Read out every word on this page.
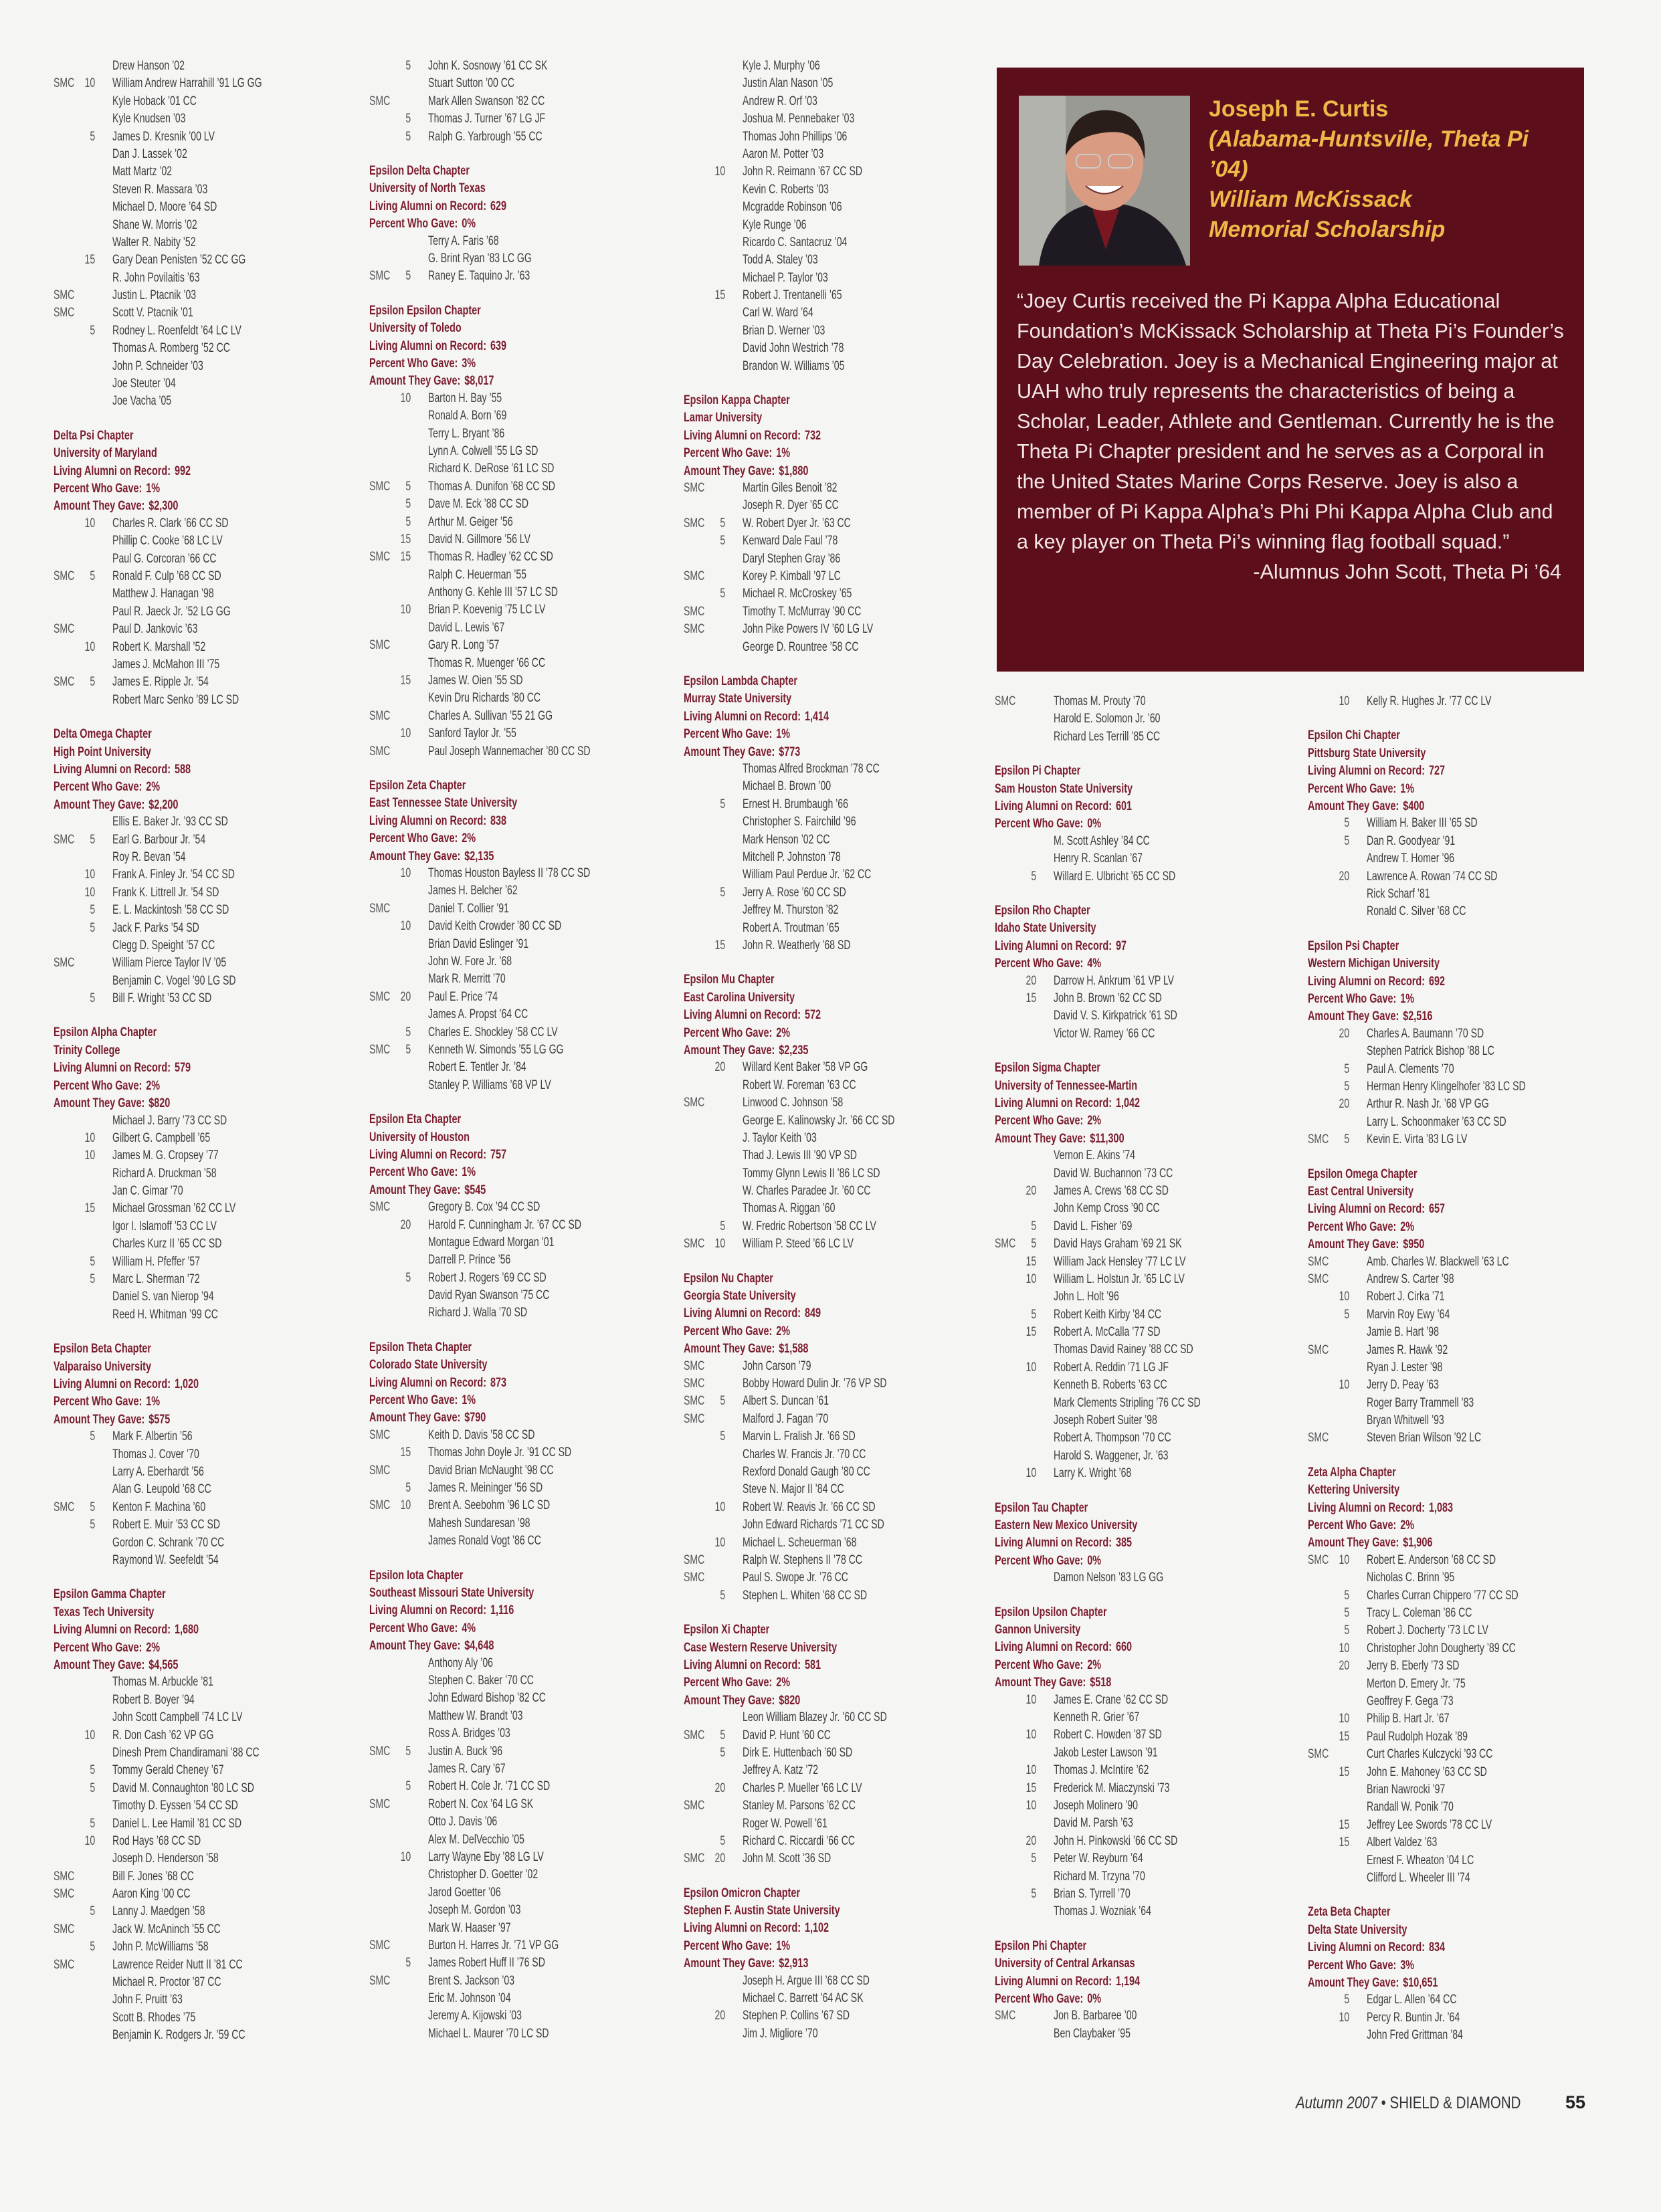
Drew Hanson ’02
SMC 10 William Andrew Harrahill ’91 LG GG
Kyle Hoback ’01 CC
Kyle Knudsen ’03
5 James D. Kresnik ’00 LV
Dan J. Lassek ’02
Matt Martz ’02
Steven R. Massara ’03
Michael D. Moore ’64 SD
Shane W. Morris ’02
Walter R. Nabity ’52
15 Gary Dean Penisten ’52 CC GG
R. John Povilaitis ’63
SMC	Justin L. Ptacnik ’03
SMC	Scott V. Ptacnik ’01
5 Rodney L. Roenfeldt ’64 LC LV
Thomas A. Romberg ’52 CC
John P. Schneider ’03
Joe Steuter ’04
Joe Vacha ’05
Delta Psi Chapter
University of Maryland
Living Alumni on Record: 992
Percent Who Gave: 1%
Amount They Gave: $2,300
10 Charles R. Clark ’66 CC SD
Phillip C. Cooke ’68 LC LV
Paul G. Corcoran ’66 CC
SMC	5 Ronald F. Culp ’68 CC SD
Matthew J. Hanagan ’98
Paul R. Jaeck Jr. ’52 LG GG
SMC	Paul D. Jankovic ’63
10 Robert K. Marshall ’52
James J. McMahon III ’75
SMC	5 James E. Ripple Jr. ’54
Robert Marc Senko ’89 LC SD
Delta Omega Chapter
High Point University
Living Alumni on Record: 588
Percent Who Gave: 2%
Amount They Gave: $2,200
Ellis E. Baker Jr. ’93 CC SD
SMC	5 Earl G. Barbour Jr. ’54
Roy R. Bevan ’54
10 Frank A. Finley Jr. ’54 CC SD
10 Frank K. Littrell Jr. ’54 SD
5 E. L. Mackintosh ’58 CC SD
5 Jack F. Parks ’54 SD
Clegg D. Speight ’57 CC
SMC	William Pierce Taylor IV ’05
Benjamin C. Vogel ’90 LG SD
5 Bill F. Wright ’53 CC SD
Epsilon Alpha Chapter
Trinity College
Living Alumni on Record: 579
Percent Who Gave: 2%
Amount They Gave: $820
Michael J. Barry ’73 CC SD
10 Gilbert G. Campbell ’65
10 James M. G. Cropsey ’77
Richard A. Druckman ’58
Jan C. Gimar ’70
15 Michael Grossman ’62 CC LV
Igor I. Islamoff ’53 CC LV
Charles Kurz II ’65 CC SD
5 William H. Pfeffer ’57
5 Marc L. Sherman ’72
Daniel S. van Nierop ’94
Reed H. Whitman ’99 CC
Epsilon Beta Chapter
Valparaiso University
Living Alumni on Record: 1,020
Percent Who Gave: 1%
Amount They Gave: $575
5 Mark F. Albertin ’56
Thomas J. Cover ’70
Larry A. Eberhardt ’56
Alan G. Leupold ’68 CC
SMC	5 Kenton F. Machina ’60
5 Robert E. Muir ’53 CC SD
Gordon C. Schrank ’70 CC
Raymond W. Seefeldt ’54
Epsilon Gamma Chapter
Texas Tech University
Living Alumni on Record: 1,680
Percent Who Gave: 2%
Amount They Gave: $4,565
Thomas M. Arbuckle ’81
Robert B. Boyer ’94
John Scott Campbell ’74 LC LV
10 R. Don Cash ’62 VP GG
Dinesh Prem Chandiramani ’88 CC
5 Tommy Gerald Cheney ’67
5 David M. Connaughton ’80 LC SD
Timothy D. Eyssen ’54 CC SD
5 Daniel L. Lee Hamil ’81 CC SD
10 Rod Hays ’68 CC SD
Joseph D. Henderson ’58
SMC	Bill F. Jones ’68 CC
SMC	Aaron King ’00 CC
5 Lanny J. Maedgen ’58
SMC	Jack W. McAninch ’55 CC
5 John P. McWilliams ’58
SMC	Lawrence Reider Nutt II ’81 CC
Michael R. Proctor ’87 CC
John F. Pruitt ’63
Scott B. Rhodes ’75
Benjamin K. Rodgers Jr. ’59 CC
5 John K. Sosnowy ’61 CC SK
Stuart Sutton ’00 CC
SMC	Mark Allen Swanson ’82 CC
5 Thomas J. Turner ’67 LG JF
5 Ralph G. Yarbrough ’55 CC
Epsilon Delta Chapter
University of North Texas
Living Alumni on Record: 629
Percent Who Gave: 0%
Terry A. Faris ’68
G. Brint Ryan ’83 LC GG
SMC	5 Raney E. Taquino Jr. ’63
Epsilon Epsilon Chapter
University of Toledo
Living Alumni on Record: 639
Percent Who Gave: 3%
Amount They Gave: $8,017
10 Barton H. Bay ’55
Ronald A. Born ’69
Terry L. Bryant ’86
Lynn A. Colwell ’55 LG SD
Richard K. DeRose ’61 LC SD
SMC	5 Thomas A. Dunifon ’68 CC SD
5 Dave M. Eck ’88 CC SD
5 Arthur M. Geiger ’56
15 David N. Gillmore ’56 LV
SMC 15 Thomas R. Hadley ’62 CC SD
Ralph C. Heuerman ’55
Anthony G. Kehle III ’57 LC SD
10 Brian P. Koevenig ’75 LC LV
David L. Lewis ’67
SMC	Gary R. Long ’57
Thomas R. Muenger ’66 CC
15 James W. Oien ’55 SD
Kevin Dru Richards ’80 CC
SMC	Charles A. Sullivan ’55 21 GG
10 Sanford Taylor Jr. ’55
SMC	Paul Joseph Wannemacher ’80 CC SD
Epsilon Zeta Chapter
East Tennessee State University
Living Alumni on Record: 838
Percent Who Gave: 2%
Amount They Gave: $2,135
10 Thomas Houston Bayless II ’78 CC SD
James H. Belcher ’62
SMC	Daniel T. Collier ’91
10 David Keith Crowder ’80 CC SD
Brian David Eslinger ’91
John W. Fore Jr. ’68
Mark R. Merritt ’70
SMC 20 Paul E. Price ’74
James A. Propst ’64 CC
5 Charles E. Shockley ’58 CC LV
SMC	5 Kenneth W. Simonds ’55 LG GG
Robert E. Tentler Jr. ’84
Stanley P. Williams ’68 VP LV
Epsilon Eta Chapter
University of Houston
Living Alumni on Record: 757
Percent Who Gave: 1%
Amount They Gave: $545
SMC	Gregory B. Cox ’94 CC SD
20 Harold F. Cunningham Jr. ’67 CC SD
Montague Edward Morgan ’01
Darrell P. Prince ’56
5 Robert J. Rogers ’69 CC SD
David Ryan Swanson ’75 CC
Richard J. Walla ’70 SD
Epsilon Theta Chapter
Colorado State University
Living Alumni on Record: 873
Percent Who Gave: 1%
Amount They Gave: $790
SMC	Keith D. Davis ’58 CC SD
15 Thomas John Doyle Jr. ’91 CC SD
SMC	David Brian McNaught ’98 CC
5 James R. Meininger ’56 SD
SMC 10 Brent A. Seebohm ’96 LC SD
Mahesh Sundaresan ’98
James Ronald Vogt ’86 CC
Epsilon Iota Chapter
Southeast Missouri State University
Living Alumni on Record: 1,116
Percent Who Gave: 4%
Amount They Gave: $4,648
Anthony Aly ’06
Stephen C. Baker ’70 CC
John Edward Bishop ’82 CC
Matthew W. Brandt ’03
Ross A. Bridges ’03
SMC	5 Justin A. Buck ’96
James R. Cary ’67
5 Robert H. Cole Jr. ’71 CC SD
SMC	Robert N. Cox ’64 LG SK
Otto J. Davis ’06
Alex M. DelVecchio ’05
10 Larry Wayne Eby ’88 LG LV
Christopher D. Goetter ’02
Jarod Goetter ’06
Joseph M. Gordon ’03
Mark W. Haaser ’97
SMC	Burton H. Harres Jr. ’71 VP GG
5 James Robert Huff II ’76 SD
SMC	Brent S. Jackson ’03
Eric M. Johnson ’04
Jeremy A. Kijowski ’03
Michael L. Maurer ’70 LC SD
Kyle J. Murphy ’06
Justin Alan Nason ’05
Andrew R. Orf ’03
Joshua M. Pennebaker ’03
Thomas John Phillips ’06
Aaron M. Potter ’03
10 John R. Reimann ’67 CC SD
Kevin C. Roberts ’03
Mcgradde Robinson ’06
Kyle Runge ’06
Ricardo C. Santacruz ’04
Todd A. Staley ’03
Michael P. Taylor ’03
15 Robert J. Trentanelli ’65
Carl W. Ward ’64
Brian D. Werner ’03
David John Westrich ’78
Brandon W. Williams ’05
Epsilon Kappa Chapter
Lamar University
Living Alumni on Record: 732
Percent Who Gave: 1%
Amount They Gave: $1,880
SMC	Martin Giles Benoit ’82
Joseph R. Dyer ’65 CC
SMC	5 W. Robert Dyer Jr. ’63 CC
5 Kenward Dale Faul ’78
Daryl Stephen Gray ’86
SMC	Korey P. Kimball ’97 LC
5 Michael R. McCroskey ’65
SMC	Timothy T. McMurray ’90 CC
SMC	John Pike Powers IV ’60 LG LV
George D. Rountree ’58 CC
Epsilon Lambda Chapter
Murray State University
Living Alumni on Record: 1,414
Percent Who Gave: 1%
Amount They Gave: $773
Thomas Alfred Brockman ’78 CC
Michael B. Brown ’00
5 Ernest H. Brumbaugh ’66
Christopher S. Fairchild ’96
Mark Henson ’02 CC
Mitchell P. Johnston ’78
William Paul Perdue Jr. ’62 CC
5 Jerry A. Rose ’60 CC SD
Jeffrey M. Thurston ’82
Robert A. Troutman ’65
15 John R. Weatherly ’68 SD
Epsilon Mu Chapter
East Carolina University
Living Alumni on Record: 572
Percent Who Gave: 2%
Amount They Gave: $2,235
20 Willard Kent Baker ’58 VP GG
Robert W. Foreman ’63 CC
SMC	Linwood C. Johnson ’58
George E. Kalinowsky Jr. ’66 CC SD
J. Taylor Keith ’03
Thad J. Lewis III ’90 VP SD
Tommy Glynn Lewis II ’86 LC SD
W. Charles Paradee Jr. ’60 CC
Thomas A. Riggan ’60
5 W. Fredric Robertson ’58 CC LV
SMC 10 William P. Steed ’66 LC LV
Epsilon Nu Chapter
Georgia State University
Living Alumni on Record: 849
Percent Who Gave: 2%
Amount They Gave: $1,588
SMC	John Carson ’79
SMC	Bobby Howard Dulin Jr. ’76 VP SD
SMC	5 Albert S. Duncan ’61
SMC	Malford J. Fagan ’70
5 Marvin L. Fralish Jr. ’66 SD
Charles W. Francis Jr. ’70 CC
Rexford Donald Gaugh ’80 CC
Steve N. Major II ’84 CC
10 Robert W. Reavis Jr. ’66 CC SD
John Edward Richards ’71 CC SD
10 Michael L. Scheuerman ’68
SMC	Ralph W. Stephens II ’78 CC
SMC	Paul S. Swope Jr. ’76 CC
5 Stephen L. Whiten ’68 CC SD
Epsilon Xi Chapter
Case Western Reserve University
Living Alumni on Record: 581
Percent Who Gave: 2%
Amount They Gave: $820
Leon William Blazey Jr. ’60 CC SD
SMC	5 David P. Hunt ’60 CC
5 Dirk E. Huttenbach ’60 SD
Jeffrey A. Katz ’72
20 Charles P. Mueller ’66 LC LV
SMC	Stanley M. Parsons ’62 CC
Roger W. Powell ’61
5 Richard C. Riccardi ’66 CC
SMC 20 John M. Scott ’36 SD
Epsilon Omicron Chapter
Stephen F. Austin State University
Living Alumni on Record: 1,102
Percent Who Gave: 1%
Amount They Gave: $2,913
Joseph H. Argue III ’68 CC SD
Michael C. Barrett ’64 AC SK
20 Stephen P. Collins ’67 SD
Jim J. Migliore ’70
SMC	Thomas M. Prouty ’70
Harold E. Solomon Jr. ’60
Richard Les Terrill ’85 CC
Epsilon Pi Chapter
Sam Houston State University
Living Alumni on Record: 601
Percent Who Gave: 0%
M. Scott Ashley ’84 CC
Henry R. Scanlan ’67
5 Willard E. Ulbricht ’65 CC SD
Epsilon Rho Chapter
Idaho State University
Living Alumni on Record: 97
Percent Who Gave: 4%
20 Darrow H. Ankrum ’61 VP LV
15 John B. Brown ’62 CC SD
David V. S. Kirkpatrick ’61 SD
Victor W. Ramey ’66 CC
Epsilon Sigma Chapter
University of Tennessee-Martin
Living Alumni on Record: 1,042
Percent Who Gave: 2%
Amount They Gave: $11,300
Vernon E. Akins ’74
David W. Buchannon ’73 CC
20 James A. Crews ’68 CC SD
John Kemp Cross ’90 CC
5 David L. Fisher ’69
SMC	5 David Hays Graham ’69 21 SK
15 William Jack Hensley ’77 LC LV
10 William L. Holstun Jr. ’65 LC LV
John L. Holt ’96
5 Robert Keith Kirby ’84 CC
15 Robert A. McCalla ’77 SD
Thomas David Rainey ’88 CC SD
10 Robert A. Reddin ’71 LG JF
Kenneth B. Roberts ’63 CC
Mark Clements Stripling ’76 CC SD
Joseph Robert Suiter ’98
Robert A. Thompson ’70 CC
Harold S. Waggener, Jr. ’63
10 Larry K. Wright ’68
Epsilon Tau Chapter
Eastern New Mexico University
Living Alumni on Record: 385
Percent Who Gave: 0%
Damon Nelson ’83 LG GG
Epsilon Upsilon Chapter
Gannon University
Living Alumni on Record: 660
Percent Who Gave: 2%
Amount They Gave: $518
10 James E. Crane ’62 CC SD
Kenneth R. Grier ’67
10 Robert C. Howden ’87 SD
Jakob Lester Lawson ’91
10 Thomas J. McIntire ’62
15 Frederick M. Miaczynski ’73
10 Joseph Molinero ’90
David M. Parsh ’63
20 John H. Pinkowski ’66 CC SD
5 Peter W. Reyburn ’64
Richard M. Trzyna ’70
5 Brian S. Tyrrell ’70
Thomas J. Wozniak ’64
Epsilon Phi Chapter
University of Central Arkansas
Living Alumni on Record: 1,194
Percent Who Gave: 0%
SMC	Jon B. Barbaree ’00
Ben Claybaker ’95
10 Kelly R. Hughes Jr. ’77 CC LV
Epsilon Chi Chapter
Pittsburg State University
Living Alumni on Record: 727
Percent Who Gave: 1%
Amount They Gave: $400
5 William H. Baker III ’65 SD
5 Dan R. Goodyear ’91
Andrew T. Homer ’96
20 Lawrence A. Rowan ’74 CC SD
Rick Scharf ’81
Ronald C. Silver ’68 CC
Epsilon Psi Chapter
Western Michigan University
Living Alumni on Record: 692
Percent Who Gave: 1%
Amount They Gave: $2,516
20 Charles A. Baumann ’70 SD
Stephen Patrick Bishop ’88 LC
5 Paul A. Clements ’70
5 Herman Henry Klingelhofer ’83 LC SD
20 Arthur R. Nash Jr. ’68 VP GG
Larry L. Schoonmaker ’63 CC SD
SMC	5 Kevin E. Virta ’83 LG LV
Epsilon Omega Chapter
East Central University
Living Alumni on Record: 657
Percent Who Gave: 2%
Amount They Gave: $950
SMC	Amb. Charles W. Blackwell ’63 LC
SMC	Andrew S. Carter ’98
10 Robert J. Cirka ’71
5 Marvin Roy Ewy ’64
Jamie B. Hart ’98
SMC	James R. Hawk ’92
Ryan J. Lester ’98
10 Jerry D. Peay ’63
Roger Barry Trammell ’83
Bryan Whitwell ’93
SMC	Steven Brian Wilson ’92 LC
Zeta Alpha Chapter
Kettering University
Living Alumni on Record: 1,083
Percent Who Gave: 2%
Amount They Gave: $1,906
SMC 10 Robert E. Anderson ’68 CC SD
Nicholas C. Brinn ’95
5 Charles Curran Chippero ’77 CC SD
5 Tracy L. Coleman ’86 CC
5 Robert J. Docherty ’73 LC LV
10 Christopher John Dougherty ’89 CC
20 Jerry B. Eberly ’73 SD
Merton D. Emery Jr. ’75
Geoffrey F. Gega ’73
10 Philip B. Hart Jr. ’67
15 Paul Rudolph Hozak ’89
SMC	Curt Charles Kulczycki ’93 CC
15 John E. Mahoney ’63 CC SD
Brian Nawrocki ’97
Randall W. Ponik ’70
15 Jeffrey Lee Swords ’78 CC LV
15 Albert Valdez ’63
Ernest F. Wheaton ’04 LC
Clifford L. Wheeler III ’74
Zeta Beta Chapter
Delta State University
Living Alumni on Record: 834
Percent Who Gave: 3%
Amount They Gave: $10,651
5 Edgar L. Allen ’64 CC
10 Percy R. Buntin Jr. ’64
John Fred Grittman ’84
Joseph E. Curtis
(Alabama-Huntsville, Theta Pi ’04)
William McKissack
Memorial Scholarship
“Joey Curtis received the Pi Kappa Alpha Educational Foundation’s McKissack Scholarship at Theta Pi’s Founder’s Day Celebration. Joey is a Mechanical Engineering major at UAH who truly represents the characteristics of being a Scholar, Leader, Athlete and Gentleman. Currently he is the Theta Pi Chapter president and he serves as a Corporal in the United States Marine Corps Reserve. Joey is also a member of Pi Kappa Alpha’s Phi Phi Kappa Alpha Club and a key player on Theta Pi’s winning flag football squad.”
-Alumnus John Scott, Theta Pi ’64
Autumn 2007 • SHIELD & DIAMOND 55
